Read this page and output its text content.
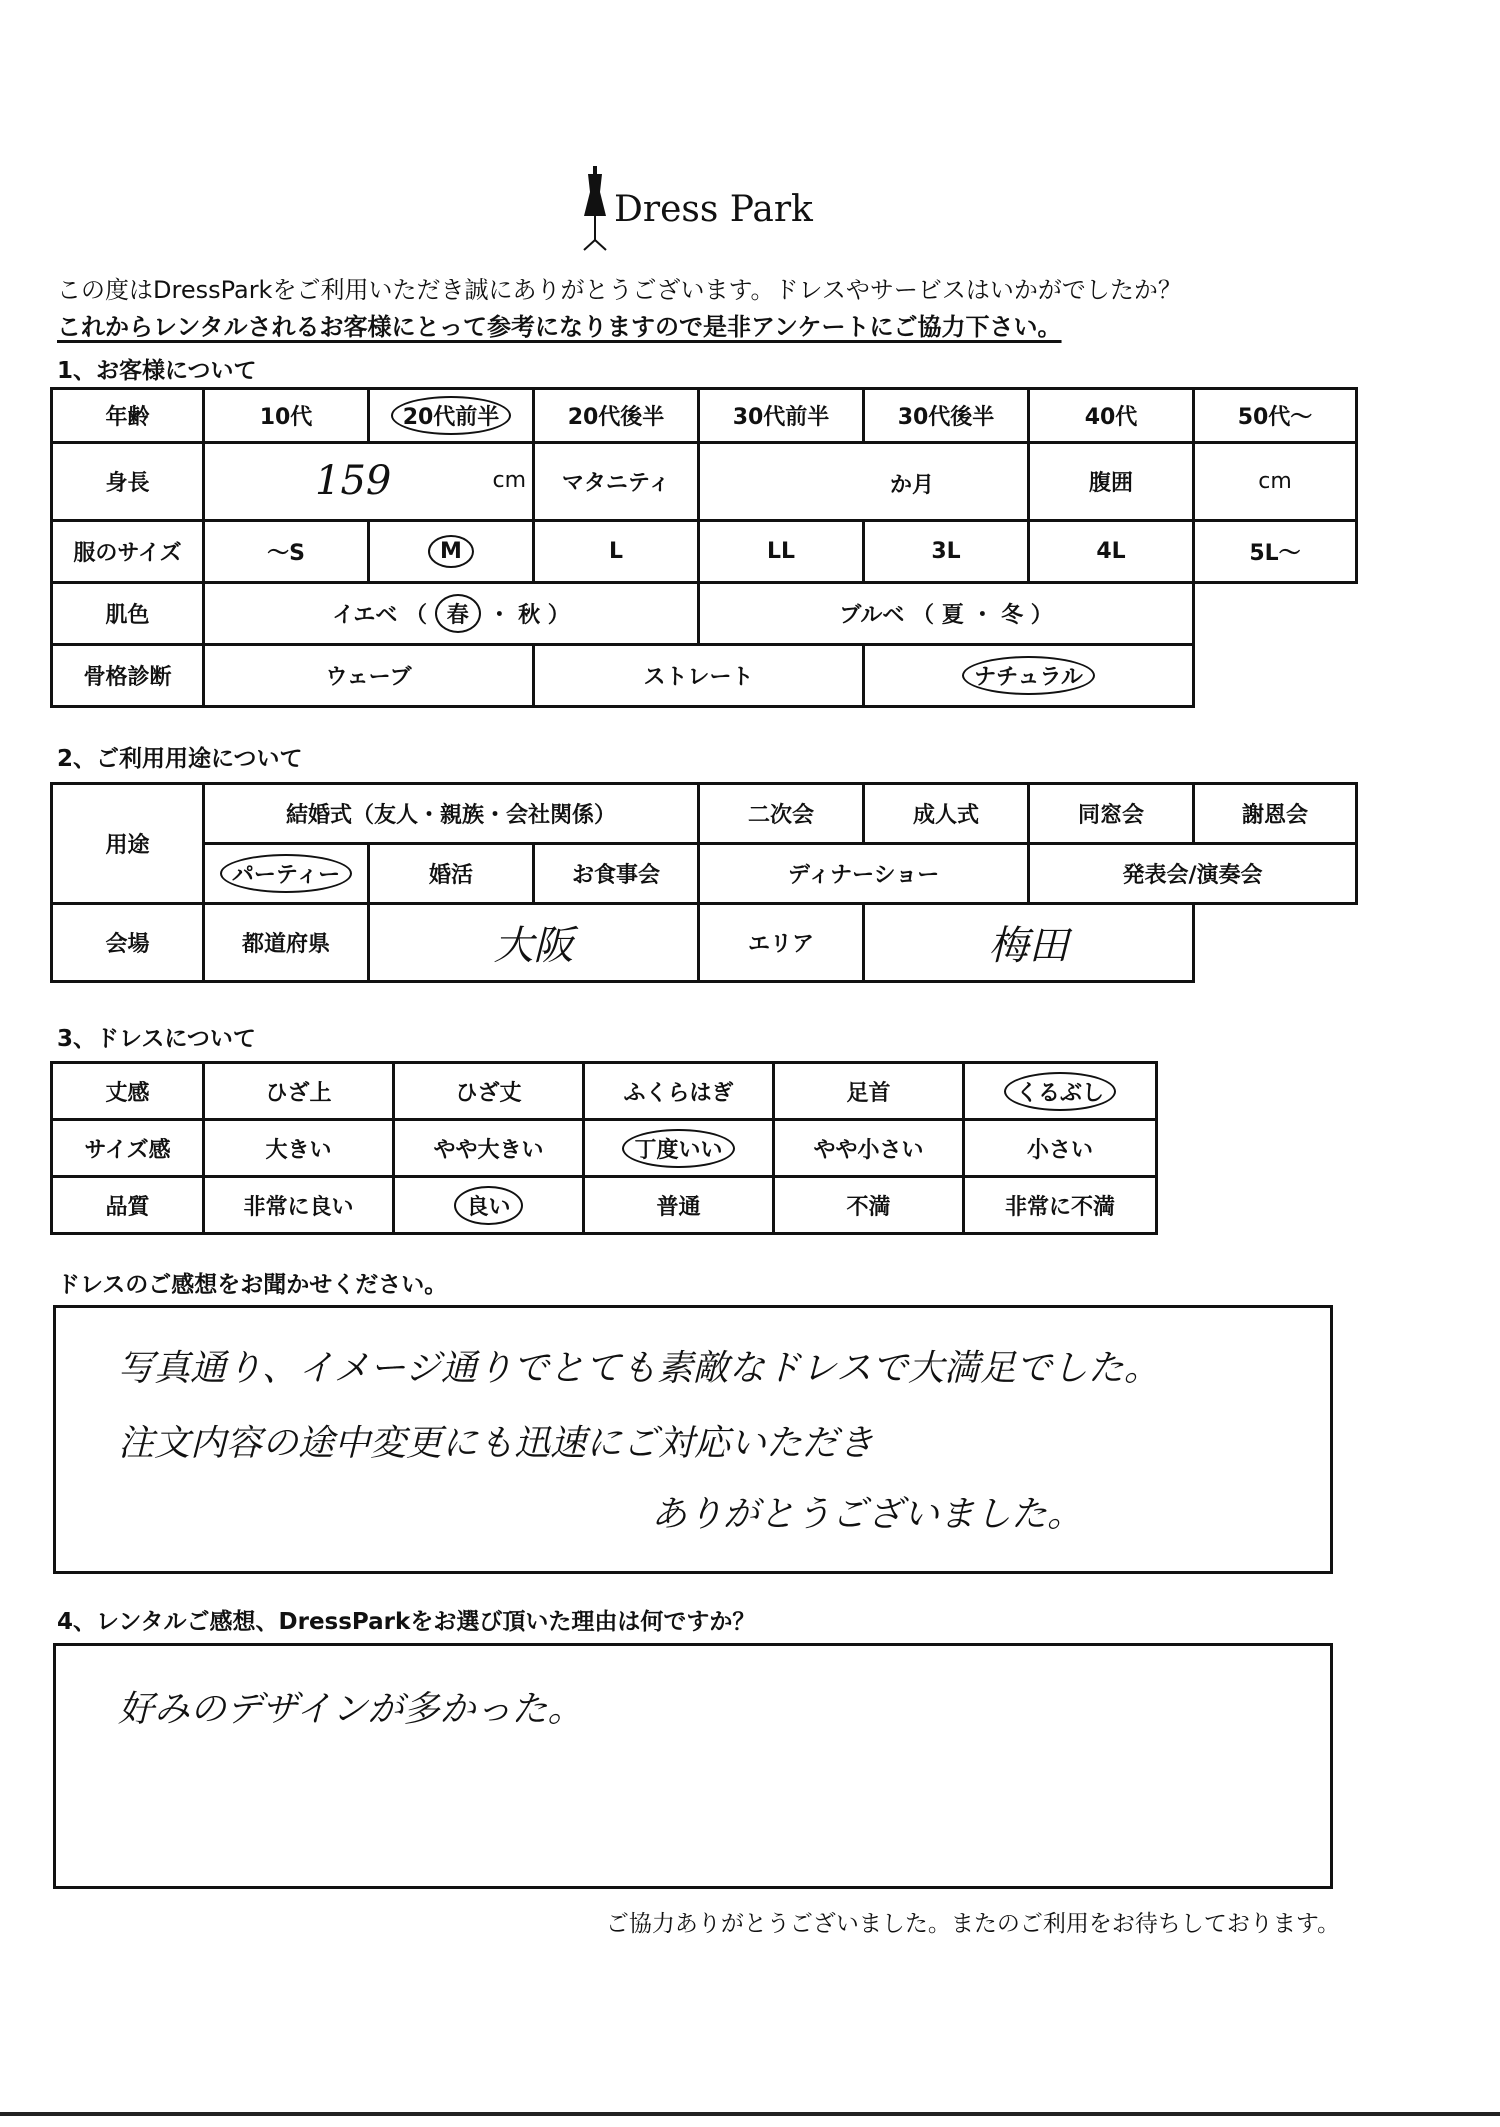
Dress Park
この度はDressParkをご利用いただき誠にありがとうございます。ドレスやサービスはいかがでしたか？
これからレンタルされるお客様にとって参考になりますので是非アンケートにご協力下さい。
1、お客様について
年齢	10代	20代前半	20代後半	30代前半	30代後半	40代	50代～
身長	159 cm		マタニティ	か月		腹囲	cm
服のサイズ	～S	M	L	LL	3L	4L	5L～
肌色	イエベ （ 春 ・ 秋 ）			ブルベ （ 夏 ・ 冬 ）			
骨格診断	ウェーブ		ストレート		ナチュラル		
2、ご利用用途について
用途	結婚式（友人・親族・会社関係）			二次会	成人式	同窓会	謝恩会
	パーティー	婚活	お食事会	ディナーショー		発表会/演奏会	
会場	都道府県	大阪		エリア	梅田		
3、ドレスについて
丈感	ひざ上	ひざ丈	ふくらはぎ	足首	くるぶし
サイズ感	大きい	やや大きい	丁度いい	やや小さい	小さい
品質	非常に良い	良い	普通	不満	非常に不満
ドレスのご感想をお聞かせください。
写真通り、イメージ通りでとても素敵なドレスで大満足でした。
注文内容の途中変更にも迅速にご対応いただき
ありがとうございました。
4、レンタルご感想、DressParkをお選び頂いた理由は何ですか？
好みのデザインが多かった。
ご協力ありがとうございました。またのご利用をお待ちしております。
